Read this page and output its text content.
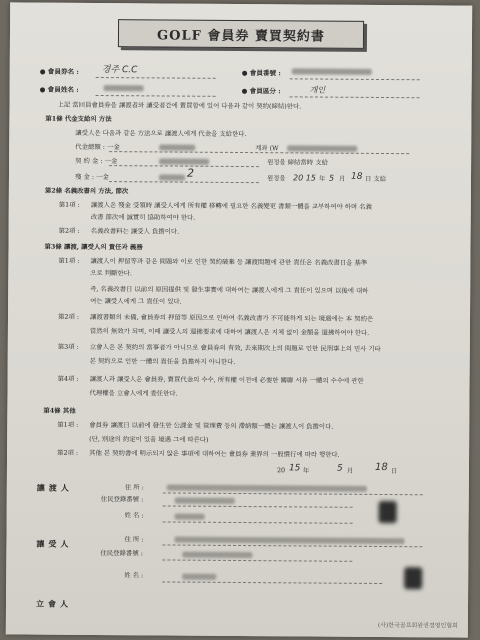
GOLF 會員券 賣買契約書
● 會員券名 :	경주 C.C	● 會員番號 :
● 會員姓名 :	● 會員區分 :	개인
上記 當回員會員券을 讓渡者와 讓受者간에 賣買함에 있어 다음과 같이 契約(締結)한다.
第1條 代金支給의 方法
讓受人은 다음과 같은 方法으로 讓渡人에게 代金을 支給한다.
代金總額 : 一金	계좌 (W
契 約 金 : 一金	원정을 締結當時 支給
殘 金 : 一金	2	원정을 20 15 年 5 月 18 日 支給
第2條 名義改書의 方法, 節次
第1項 : 讓渡人은 殘金 受領時 讓受人에게 所有權 移轉에 필요한 名義變更 書類一體를 교부하여야 하며 名義
改書 節次에 誠實히 協助하여야 한다.
第2項 : 名義改書料는 讓受人 負擔이다.
第3條 讓渡, 讓受人의 責任과 義務
第1項 : 讓渡人이 押留等과 같은 問題와 이로 인한 契約破棄 등 讓渡問題에 관한 責任은 名義改書日을 基準
으로 判斷한다.
즉, 名義改書日 以前의 原因提供 및 發生事實에 대하여는 讓渡人에게 그 責任이 있으며 以後에 대하
여는 讓受人에게 그 責任이 있다.
第2項 : 讓渡書類의 未備, 會員券의 押留等 原因으로 인하여 名義改書가 不可能하게 되는 境遇에는 本 契約은
當然히 無效가 되며, 이때 讓受人의 還拂要求에 대하여 讓渡人은 지체 없이 金額을 還拂하여야 한다.
第3項 : 立會人은 본 契約의 當事者가 아니므로 會員券의 有效, 去來期次上의 問題로 인한 民刑事上의 민사 기타
본 契約으로 인한 一體의 責任을 負擔하지 아니한다.
第4項 : 讓渡人과 讓受人은 會員券, 賣買代金의 수수, 所有權 이전에 必要한 關聯 서류 一體의 수수에 관한
代理權을 立會人에게 委任한다.
第4條 其他
第1項 : 會員券 讓渡日 以前에 發生한 公課金 및 管理費 등의 滯納額一體는 讓渡人이 負擔이다.
(단, 別途의 約定이 있을 境遇 그에 따른다)
第2項 : 其他 본 契約書에 明示되지 않은 事項에 대하여는 會員券 業界의 一般慣行에 따라 행한다.
20 15 年	5 月 18 日
讓渡人	住 所 :
住民登錄番號 :
姓 名 :
讓受人	住 所 :
住民登錄番號 :
姓 名 :
立會人
(사)한국골프회원권경영인협회
